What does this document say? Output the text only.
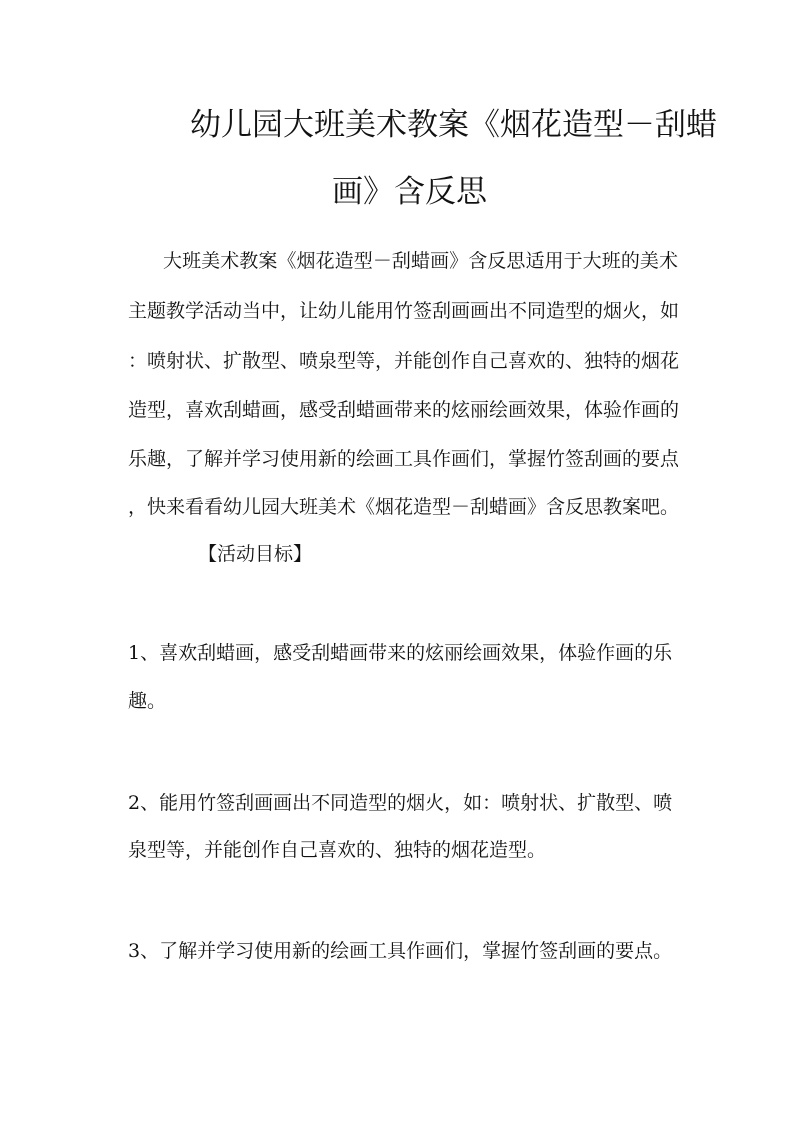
幼儿园大班美术教案《烟花造型－刮蜡
画》含反思

大班美术教案《烟花造型－刮蜡画》含反思适用于大班的美术

主题教学活动当中，让幼儿能用竹签刮画画出不同造型的烟火，如

：喷射状、扩散型、喷泉型等，并能创作自己喜欢的、独特的烟花

造型，喜欢刮蜡画，感受刮蜡画带来的炫丽绘画效果，体验作画的

乐趣，了解并学习使用新的绘画工具作画们，掌握竹签刮画的要点

，快来看看幼儿园大班美术《烟花造型－刮蜡画》含反思教案吧。

【活动目标】

1、喜欢刮蜡画，感受刮蜡画带来的炫丽绘画效果，体验作画的乐

趣。

2、能用竹签刮画画出不同造型的烟火，如：喷射状、扩散型、喷

泉型等，并能创作自己喜欢的、独特的烟花造型。

3、了解并学习使用新的绘画工具作画们，掌握竹签刮画的要点。
